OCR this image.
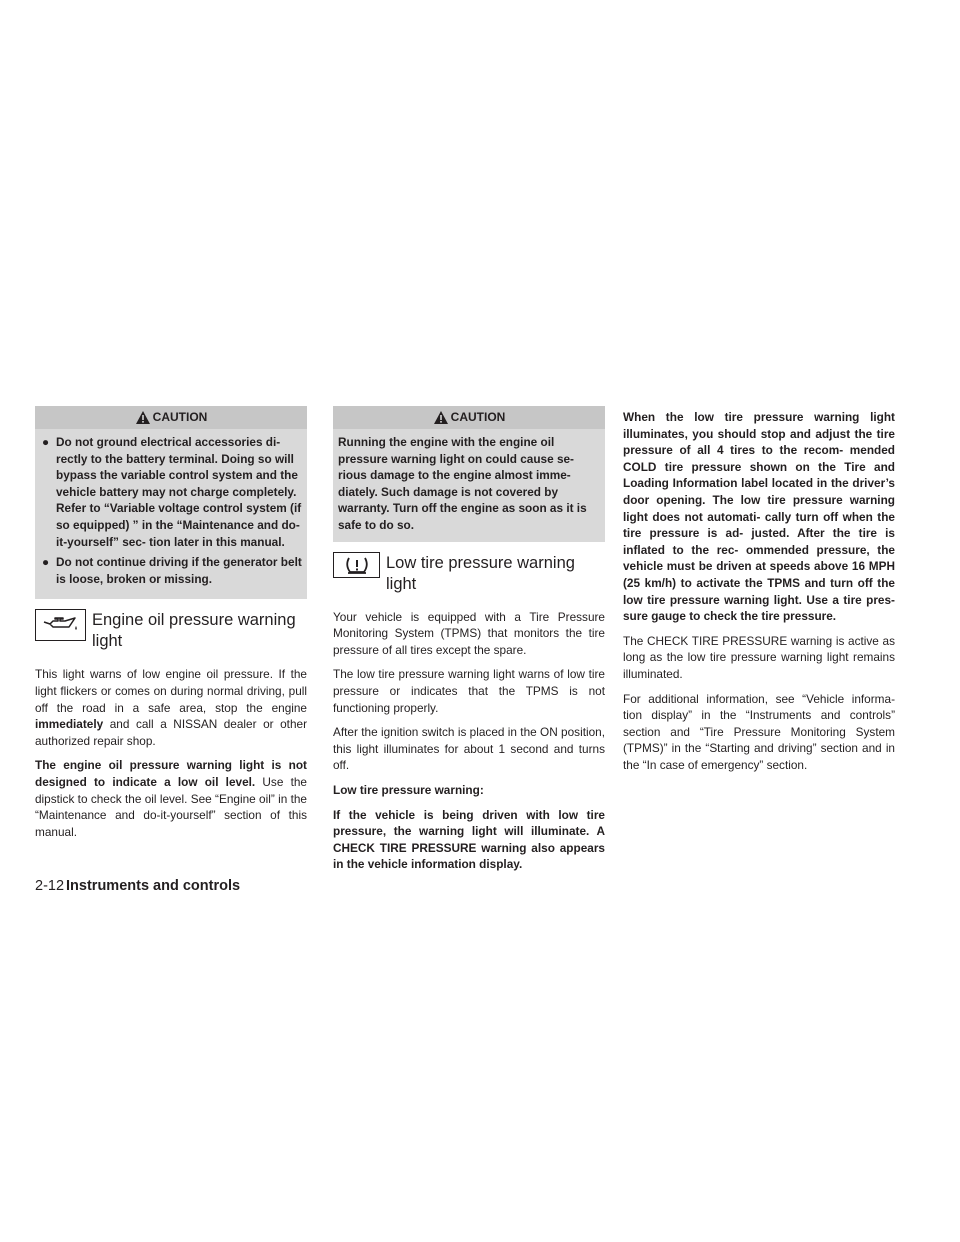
CAUTION
● Do not ground electrical accessories di- rectly to the battery terminal. Doing so will bypass the variable control system and the vehicle battery may not charge completely. Refer to “Variable voltage control system (if so equipped) ” in the “Maintenance and do-it-yourself” sec- tion later in this manual.
● Do not continue driving if the generator belt is loose, broken or missing.
Engine oil pressure warning light

This light warns of low engine oil pressure. If the light flickers or comes on during normal driving, pull off the road in a safe area, stop the engine immediately and call a NISSAN dealer or other authorized repair shop.

The engine oil pressure warning light is not designed to indicate a low oil level. Use the dipstick to check the oil level. See “Engine oil” in the “Maintenance and do-it-yourself” section of this manual.

CAUTION

Running the engine with the engine oil pressure warning light on could cause se- rious damage to the engine almost imme- diately. Such damage is not covered by warranty. Turn off the engine as soon as it is safe to do so.

Low tire pressure warning light

Your vehicle is equipped with a Tire Pressure Monitoring System (TPMS) that monitors the tire pressure of all tires except the spare.

The low tire pressure warning light warns of low tire pressure or indicates that the TPMS is not functioning properly.

After the ignition switch is placed in the ON position, this light illuminates for about 1 second and turns off.

Low tire pressure warning:

If the vehicle is being driven with low tire pressure, the warning light will illuminate. A CHECK TIRE PRESSURE warning also appears in the vehicle information display.

When the low tire pressure warning light illuminates, you should stop and adjust the tire pressure of all 4 tires to the recom- mended COLD tire pressure shown on the Tire and Loading Information label located in the driver’s door opening. The low tire pressure warning light does not automati- cally turn off when the tire pressure is ad- justed. After the tire is inflated to the rec- ommended pressure, the vehicle must be driven at speeds above 16 MPH (25 km/h) to activate the TPMS and turn off the low tire pressure warning light. Use a tire pres- sure gauge to check the tire pressure.

The CHECK TIRE PRESSURE warning is active as long as the low tire pressure warning light remains illuminated.

For additional information, see “Vehicle informa- tion display” in the “Instruments and controls” section and “Tire Pressure Monitoring System (TPMS)” in the “Starting and driving” section and in the “In case of emergency” section.

2-12 Instruments and controls
